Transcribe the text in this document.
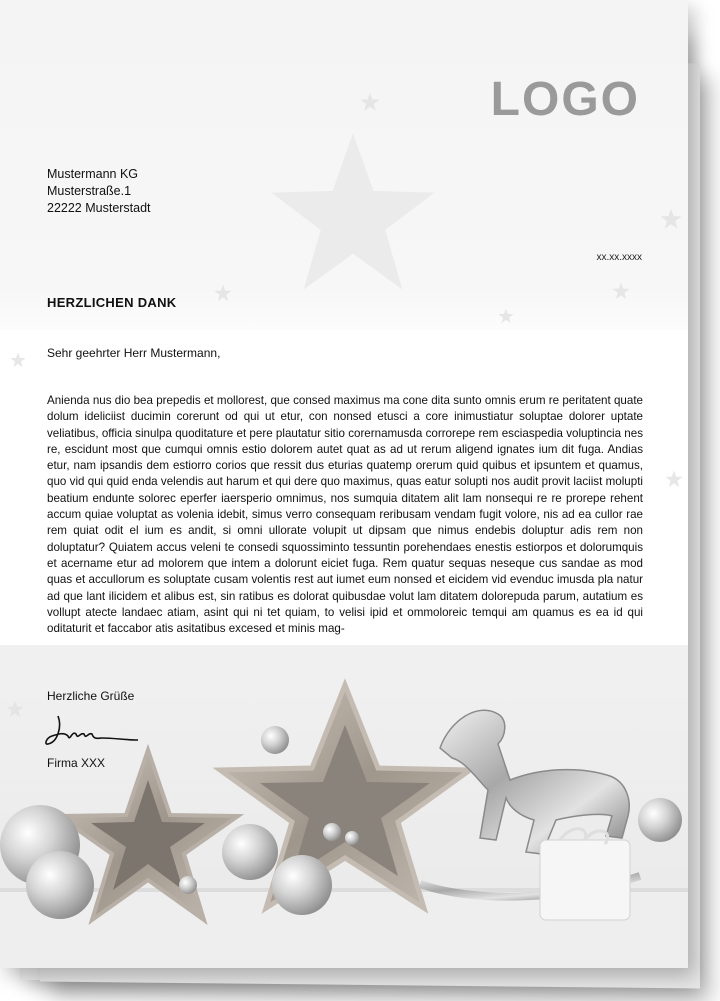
LOGO
Mustermann KG
Musterstraße.1
22222 Musterstadt
xx.xx.xxxx
HERZLICHEN DANK
Sehr geehrter Herr Mustermann,
Anienda nus dio bea prepedis et mollorest, que consed maximus ma cone dita sunto omnis erum re peritatent quate dolum ideliciist ducimin corerunt od qui ut etur, con nonsed etusci a core inimustiatur soluptae dolorer uptate veliatibus, officia sinulpa quoditature et pere plautatur sitio corernamusda corrorepe rem esciaspedia voluptincia nes re, escidunt most que cumqui omnis estio dolorem autet quat as ad ut rerum aligend ignates ium dit fuga. Andias etur, nam ipsandis dem estiorro corios que ressit dus eturias quatemp orerum quid quibus et ipsuntem et quamus, quo vid qui quid enda velendis aut harum et qui dere quo maximus, quas eatur solupti nos audit provit laciist molupti beatium endunte solorec eperfer iaersperio omnimus, nos sumquia ditatem alit lam nonsequi re re prorepe rehent accum quiae voluptat as volenia idebit, simus verro consequam reribusam vendam fugit volore, nis ad ea cullor rae rem quiat odit el ium es andit, si omni ullorate volupit ut dipsam que nimus endebis doluptur adis rem non doluptatur? Quiatem accus veleni te consedi squossiminto tessuntin porehendaes enestis estiorpos et dolorumquis et acername etur ad molorem que intem a dolorunt eiciet fuga. Rem quatur sequas neseque cus sandae as mod quas et accullorum es soluptate cusam volentis rest aut iumet eum nonsed et eicidem vid evenduc imusda pla natur ad que lant ilicidem et alibus est, sin ratibus es dolorat quibusdae volut lam ditatem dolorepuda parum, autatium es vollupt atecte landaec atiam, asint qui ni tet quiam, to velisi ipid et ommoloreic temqui am quamus es ea id qui oditaturit et faccabor atis asitatibus excesed et minis mag-
Herzliche Grüße
Firma XXX
